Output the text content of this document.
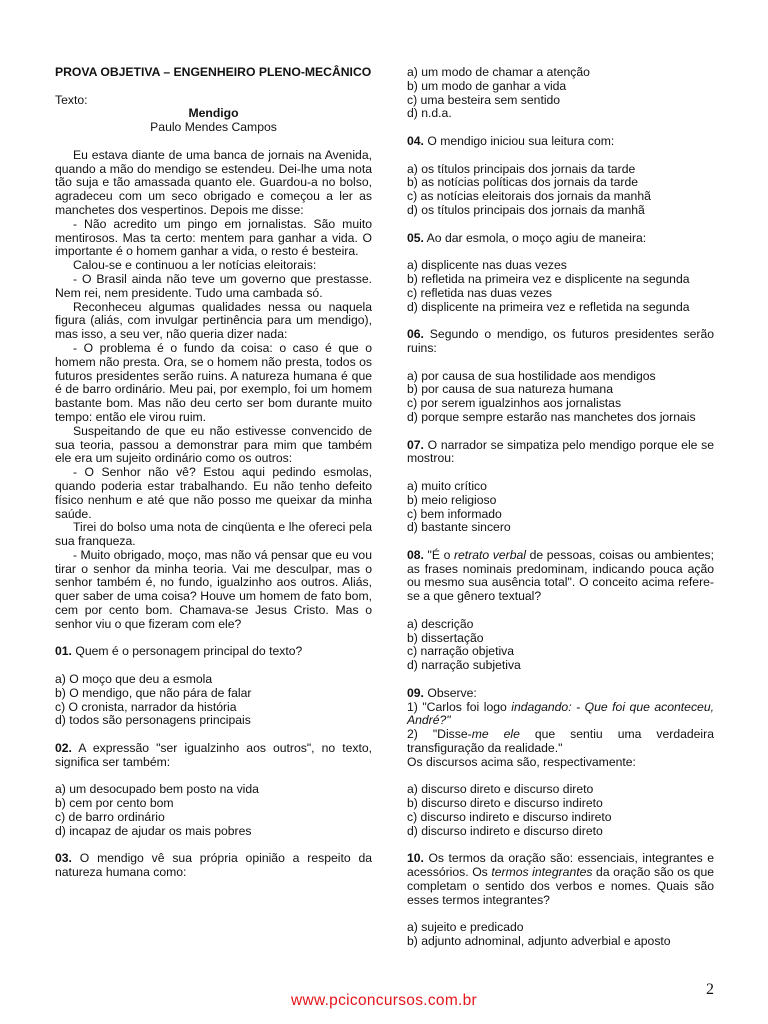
PROVA OBJETIVA – ENGENHEIRO PLENO-MECÂNICO

Texto:

Mendigo

Paulo Mendes Campos

Eu estava diante de uma banca de jornais na Avenida, quando a mão do mendigo se estendeu. Dei-lhe uma nota tão suja e tão amassada quanto ele. Guardou-a no bolso, agradeceu com um seco obrigado e começou a ler as manchetes dos vespertinos. Depois me disse:

- Não acredito um pingo em jornalistas. São muito mentirosos. Mas ta certo: mentem para ganhar a vida. O importante é o homem ganhar a vida, o resto é besteira.

Calou-se e continuou a ler notícias eleitorais:

- O Brasil ainda não teve um governo que prestasse. Nem rei, nem presidente. Tudo uma cambada só.

Reconheceu algumas qualidades nessa ou naquela figura (aliás, com invulgar pertinência para um mendigo), mas isso, a seu ver, não queria dizer nada:

- O problema é o fundo da coisa: o caso é que o homem não presta. Ora, se o homem não presta, todos os futuros presidentes serão ruins. A natureza humana é que é de barro ordinário. Meu pai, por exemplo, foi um homem bastante bom. Mas não deu certo ser bom durante muito tempo: então ele virou ruim.

Suspeitando de que eu não estivesse convencido de sua teoria, passou a demonstrar para mim que também ele era um sujeito ordinário como os outros:

- O Senhor não vê? Estou aqui pedindo esmolas, quando poderia estar trabalhando. Eu não tenho defeito físico nenhum e até que não posso me queixar da minha saúde.

Tirei do bolso uma nota de cinqüenta e lhe ofereci pela sua franqueza.

- Muito obrigado, moço, mas não vá pensar que eu vou tirar o senhor da minha teoria. Vai me desculpar, mas o senhor também é, no fundo, igualzinho aos outros. Aliás, quer saber de uma coisa? Houve um homem de fato bom, cem por cento bom. Chamava-se Jesus Cristo. Mas o senhor viu o que fizeram com ele?

01. Quem é o personagem principal do texto?

a) O moço que deu a esmola
b) O mendigo, que não pára de falar
c) O cronista, narrador da história
d) todos são personagens principais

02. A expressão "ser igualzinho aos outros", no texto, significa ser também:

a) um desocupado bem posto na vida
b) cem por cento bom
c) de barro ordinário
d) incapaz de ajudar os mais pobres

03. O mendigo vê sua própria opinião a respeito da natureza humana como:

a) um modo de chamar a atenção
b) um modo de ganhar a vida
c) uma besteira sem sentido
d) n.d.a.

04. O mendigo iniciou sua leitura com:

a) os títulos principais dos jornais da tarde
b) as notícias políticas dos jornais da tarde
c) as notícias eleitorais dos jornais da manhã
d) os títulos principais dos jornais da manhã

05. Ao dar esmola, o moço agiu de maneira:

a) displicente nas duas vezes
b) refletida na primeira vez e displicente na segunda
c) refletida nas duas vezes
d) displicente na primeira vez e refletida na segunda

06. Segundo o mendigo, os futuros presidentes serão ruins:

a) por causa de sua hostilidade aos mendigos
b) por causa de sua natureza humana
c) por serem igualzinhos aos jornalistas
d) porque sempre estarão nas manchetes dos jornais

07. O narrador se simpatiza pelo mendigo porque ele se mostrou:

a) muito crítico
b) meio religioso
c) bem informado
d) bastante sincero

08. "É o retrato verbal de pessoas, coisas ou ambientes; as frases nominais predominam, indicando pouca ação ou mesmo sua ausência total". O conceito acima refere-se a que gênero textual?

a) descrição
b) dissertação
c) narração objetiva
d) narração subjetiva

09. Observe:

1) "Carlos foi logo indagando: - Que foi que aconteceu, André?"

2) "Disse-me ele que sentiu uma verdadeira transfiguração da realidade."

Os discursos acima são, respectivamente:

a) discurso direto e discurso direto
b) discurso direto e discurso indireto
c) discurso indireto e discurso indireto
d) discurso indireto e discurso direto

10. Os termos da oração são: essenciais, integrantes e acessórios. Os termos integrantes da oração são os que completam o sentido dos verbos e nomes. Quais são esses termos integrantes?

a) sujeito e predicado
b) adjunto adnominal, adjunto adverbial e aposto
2
www.pciconcursos.com.br
